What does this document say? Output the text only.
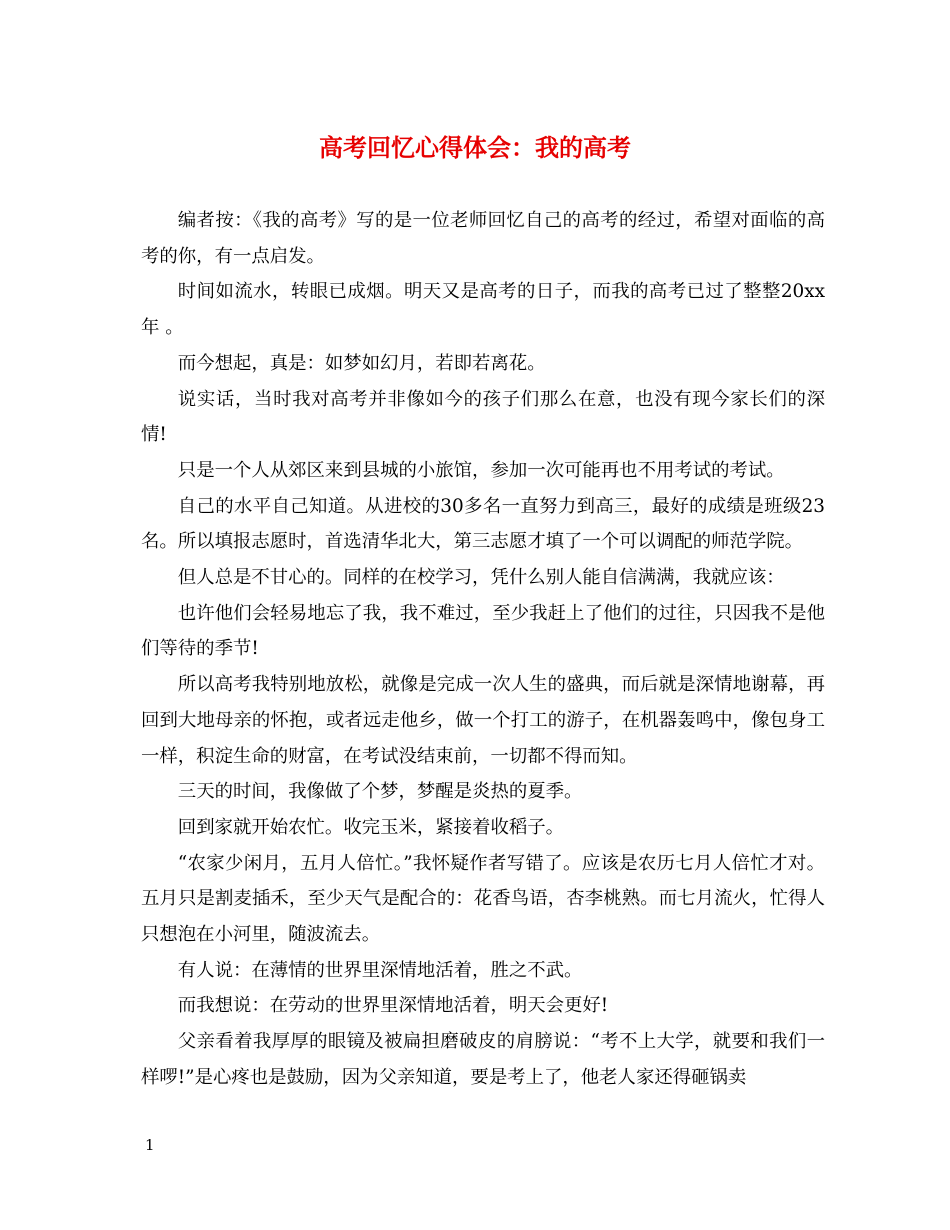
高考回忆心得体会：我的高考

编者按：《我的高考》写的是一位老师回忆自己的高考的经过，希望对面临的高考的你，有一点启发。

时间如流水，转眼已成烟。明天又是高考的日子，而我的高考已过了整整20xx年 。

而今想起，真是：如梦如幻月，若即若离花。

说实话，当时我对高考并非像如今的孩子们那么在意，也没有现今家长们的深情!

只是一个人从郊区来到县城的小旅馆，参加一次可能再也不用考试的考试。

自己的水平自己知道。从进校的30多名一直努力到高三，最好的成绩是班级23名。所以填报志愿时，首选清华北大，第三志愿才填了一个可以调配的师范学院。

但人总是不甘心的。同样的在校学习，凭什么别人能自信满满，我就应该：

也许他们会轻易地忘了我，我不难过，至少我赶上了他们的过往，只因我不是他们等待的季节!

所以高考我特别地放松，就像是完成一次人生的盛典，而后就是深情地谢幕，再回到大地母亲的怀抱，或者远走他乡，做一个打工的游子，在机器轰鸣中，像包身工一样，积淀生命的财富，在考试没结束前，一切都不得而知。

三天的时间，我像做了个梦，梦醒是炎热的夏季。

回到家就开始农忙。收完玉米，紧接着收稻子。

“农家少闲月，五月人倍忙。”我怀疑作者写错了。应该是农历七月人倍忙才对。五月只是割麦插禾，至少天气是配合的：花香鸟语，杏李桃熟。而七月流火，忙得人只想泡在小河里，随波流去。

有人说：在薄情的世界里深情地活着，胜之不武。

而我想说：在劳动的世界里深情地活着，明天会更好!

父亲看着我厚厚的眼镜及被扁担磨破皮的肩膀说：“考不上大学，就要和我们一样啰!”是心疼也是鼓励，因为父亲知道，要是考上了，他老人家还得砸锅卖

1
